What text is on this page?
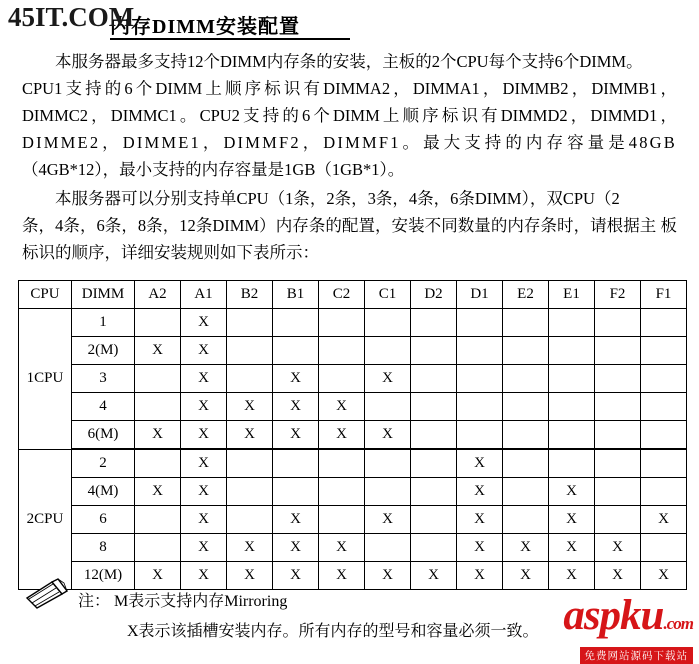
45IT.COM
内存DIMM安装配置
本服务器最多支持12个DIMM内存条的安装，主板的2个CPU每个支持6个DIMM。
CPU1支持的6个DIMM上顺序标识有DIMMA2，DIMMA1，DIMMB2，DIMMB1， DIMMC2，DIMMC1。CPU2支持的6个DIMM上顺序标识有DIMMD2，DIMMD1， DIMME2，DIMME1，DIMMF2，DIMMF1。最大支持的内存容量是48GB （4GB*12），最小支持的内存容量是1GB（1GB*1）。
本服务器可以分别支持单CPU（1条，2条，3条，4条，6条DIMM），双CPU（2
条，4条，6条，8条，12条DIMM）内存条的配置，安装不同数量的内存条时，请根据主 板标识的顺序，详细安装规则如下表所示：
CPU	DIMM	A2	A1	B2	B1	C2	C1	D2	D1	E2	E1	F2	F1
1CPU	1		X										
	2(M)	X	X										
	3		X		X		X						
	4		X	X	X	X							
	6(M)	X	X	X	X	X	X						
2CPU	2		X						X				
	4(M)	X	X						X		X		
	6		X		X		X		X		X		X
	8		X	X	X	X			X	X	X	X	
	12(M)	X	X	X	X	X	X	X	X	X	X	X	X
注： M表示支持内存Mirroring
X表示该插槽安装内存。所有内存的型号和容量必须一致。 aspku.com
免费网站源码下载站
